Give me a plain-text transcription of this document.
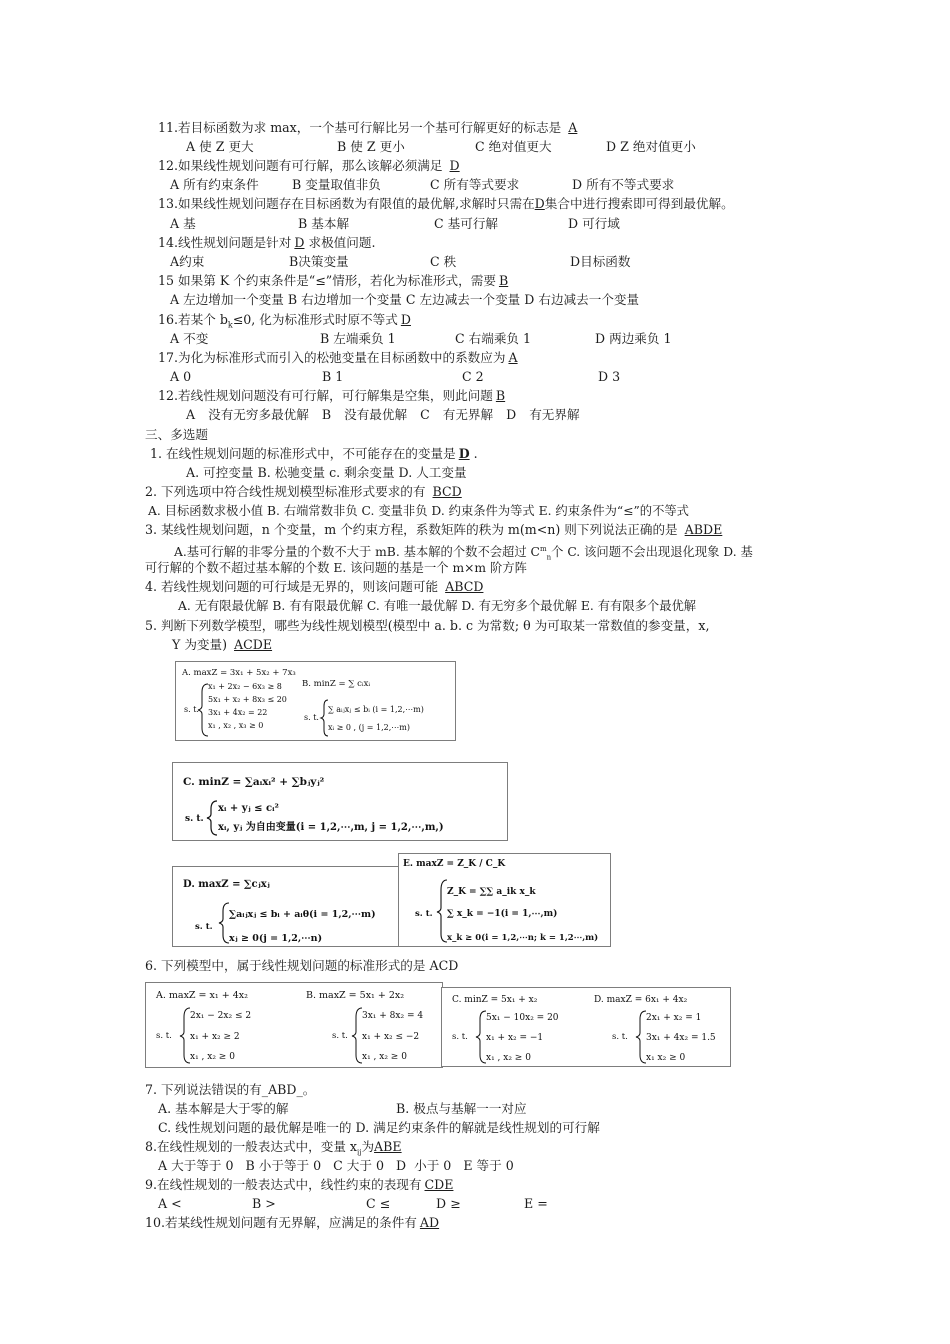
11.若目标函数为求 max，一个基可行解比另一个基可行解更好的标志是 A
A 使 Z 更大	B 使 Z 更小	C 绝对值更大	D Z 绝对值更小
12.如果线性规划问题有可行解，那么该解必须满足 D
A 所有约束条件	B 变量取值非负	C 所有等式要求	D 所有不等式要求
13.如果线性规划问题存在目标函数为有限值的最优解,求解时只需在D集合中进行搜索即可得到最优解。
A 基	B 基本解	C 基可行解	D 可行域
14.线性规划问题是针对 D 求极值问题.
A约束	B决策变量	C 秩	D目标函数
15 如果第 K 个约束条件是“≤”情形，若化为标准形式，需要 B
A 左边增加一个变量 B 右边增加一个变量 C 左边减去一个变量 D 右边减去一个变量
16.若某个 $b_k\le 0$, 化为标准形式时原不等式 D
A 不变	B 左端乘负 1	C 右端乘负 1	D 两边乘负 1
17.为化为标准形式而引入的松弛变量在目标函数中的系数应为 A
A 0	B 1	C 2	D 3
12.若线性规划问题没有可行解，可行解集是空集，则此问题 B
A 没有无穷多最优解 B 没有最优解 C 有无界解 D 有无界解
三、多选题
1. 在线性规划问题的标准形式中，不可能存在的变量是 D .
A. 可控变量 B. 松驰变量 c. 剩余变量 D. 人工变量
2. 下列选项中符合线性规划模型标准形式要求的有 BCD
A. 目标函数求极小值 B. 右端常数非负 C. 变量非负 D. 约束条件为等式 E. 约束条件为“≤”的不等式
3. 某线性规划问题，n 个变量，m 个约束方程，系数矩阵的秩为 m(m<n) 则下列说法正确的是 ABDE
A.基可行解的非零分量的个数不大于 mB. 基本解的个数不会超过 $C^m_n$个 C. 该问题不会出现退化现象 D. 基
可行解的个数不超过基本解的个数 E. 该问题的基是一个 m×m 阶方阵
4. 若线性规划问题的可行域是无界的，则该问题可能 ABCD
A. 无有限最优解 B. 有有限最优解 C. 有唯一最优解 D. 有无穷多个最优解 E. 有有限多个最优解
5. 判断下列数学模型，哪些为线性规划模型(模型中 a. b. c 为常数; θ 为可取某一常数值的参变量，x,
Y 为变量) ACDE
A. maxZ = 3x₁ + 5x₂ + 7x₃
s. t.
x₁ + 2x₂ − 6x₃ ≥ 8
5x₁ + x₂ + 8x₃ ≤ 20
3x₁ + 4x₂ = 22
x₁ , x₂ , x₃ ≥ 0
B. minZ = ∑ cᵢxᵢ
s. t.
∑ aᵢⱼxⱼ ≤ bᵢ (i = 1,2,⋯m)
xᵢ ≥ 0 , (j = 1,2,⋯m)
C. minZ = ∑aᵢxᵢ² + ∑bⱼyⱼ²
s. t.
xᵢ + yⱼ ≤ cᵢ²
xᵢ, yⱼ 为自由变量(i = 1,2,⋯,m, j = 1,2,⋯,m,)
D. maxZ = ∑cⱼxⱼ
s. t.
∑aᵢⱼxⱼ ≤ bᵢ + aᵢθ(i = 1,2,⋯m)
xⱼ ≥ 0(j = 1,2,⋯n)
E. maxZ = Z_K / C_K
s. t.
Z_K = ∑∑ a_ik x_k
∑ x_k = −1(i = 1,⋯,m)
x_k ≥ 0(i = 1,2,⋯n; k = 1,2⋯,m)
6. 下列模型中，属于线性规划问题的标准形式的是 ACD
A. maxZ = x₁ + 4x₂
s. t.
2x₁ − 2x₂ ≤ 2
x₁ + x₂ ≥ 2
x₁ , x₂ ≥ 0
B. maxZ = 5x₁ + 2x₂
s. t.
3x₁ + 8x₂ = 4
x₁ + x₂ ≤ −2
x₁ , x₂ ≥ 0
C. minZ = 5x₁ + x₂
s. t.
5x₁ − 10x₂ = 20
x₁ + x₂ = −1
x₁ , x₂ ≥ 0
D. maxZ = 6x₁ + 4x₂
s. t.
2x₁ + x₂ = 1
3x₁ + 4x₂ = 1.5
x₁ x₂ ≥ 0
7. 下列说法错误的有_ABD_。
A. 基本解是大于零的解	B. 极点与基解一一对应
C. 线性规划问题的最优解是唯一的 D. 满足约束条件的解就是线性规划的可行解
8.在线性规划的一般表达式中，变量 $x_{ij}$为ABE
A 大于等于 0   B 小于等于 0   C 大于 0   D  小于 0   E 等于 0
9.在线性规划的一般表达式中，线性约束的表现有 CDE
A <	B >	C ≤	D ≥	E =
10.若某线性规划问题有无界解，应满足的条件有 AD
